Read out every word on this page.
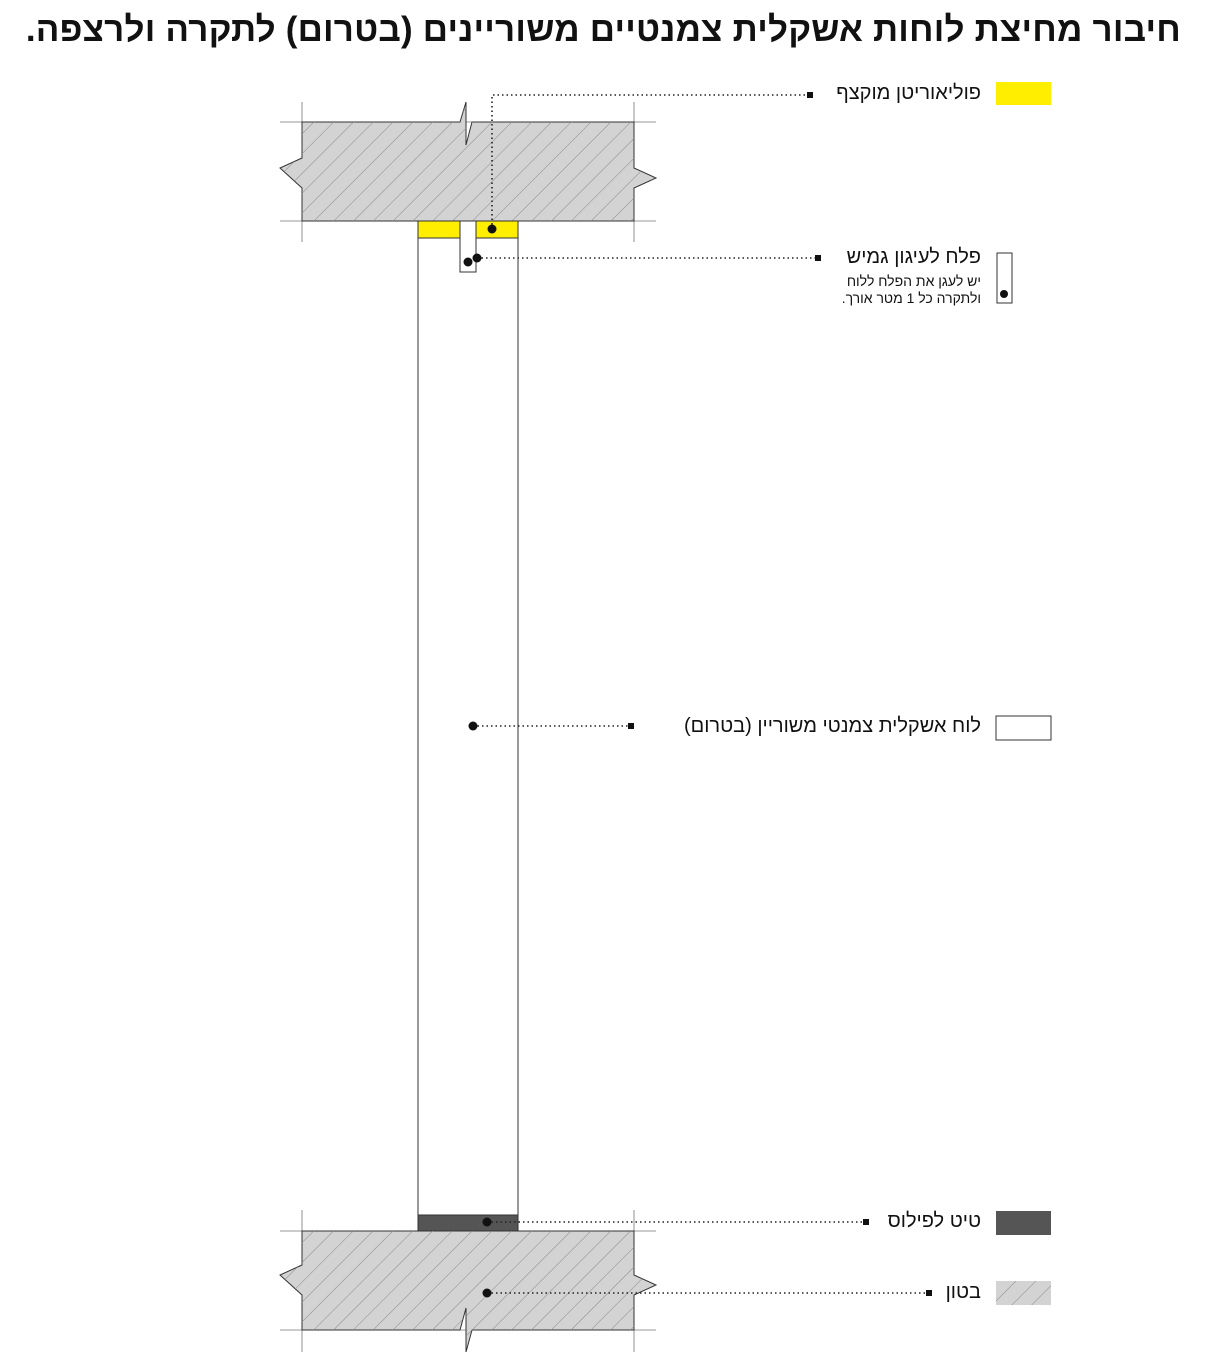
חיבור מחיצת לוחות אשקלית צמנטיים משוריינים (בטרום) לתקרה ולרצפה.
פוליאוריטן מוקצף
פלח לעיגון גמיש
יש לעגן את הפלח ללוח
ולתקרה כל 1 מטר אורך.
לוח אשקלית צמנטי משוריין (בטרום)
טיט לפילוס
בטון
